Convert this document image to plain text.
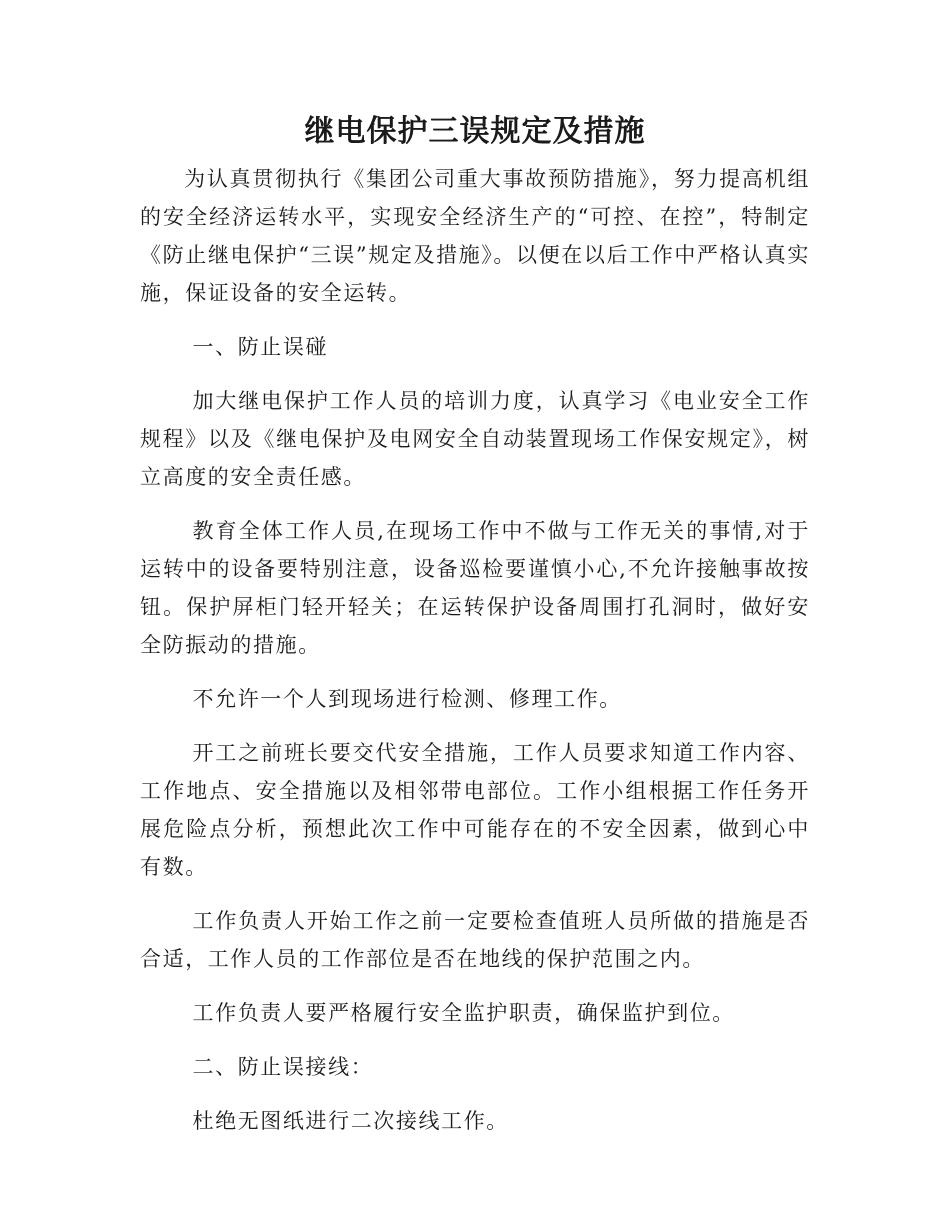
继电保护三误规定及措施

为认真贯彻执行《集团公司重大事故预防措施》，努力提高机组的安全经济运转水平，实现安全经济生产的“可控、在控”，特制定《防止继电保护“三误”规定及措施》。以便在以后工作中严格认真实施，保证设备的安全运转。

一、防止误碰

加大继电保护工作人员的培训力度，认真学习《电业安全工作规程》以及《继电保护及电网安全自动装置现场工作保安规定》，树立高度的安全责任感。

教育全体工作人员,在现场工作中不做与工作无关的事情,对于运转中的设备要特别注意，设备巡检要谨慎小心,不允许接触事故按钮。保护屏柜门轻开轻关；在运转保护设备周围打孔洞时，做好安全防振动的措施。

不允许一个人到现场进行检测、修理工作。

开工之前班长要交代安全措施，工作人员要求知道工作内容、工作地点、安全措施以及相邻带电部位。工作小组根据工作任务开展危险点分析，预想此次工作中可能存在的不安全因素，做到心中有数。

工作负责人开始工作之前一定要检查值班人员所做的措施是否合适，工作人员的工作部位是否在地线的保护范围之内。

工作负责人要严格履行安全监护职责，确保监护到位。

二、防止误接线：

杜绝无图纸进行二次接线工作。
